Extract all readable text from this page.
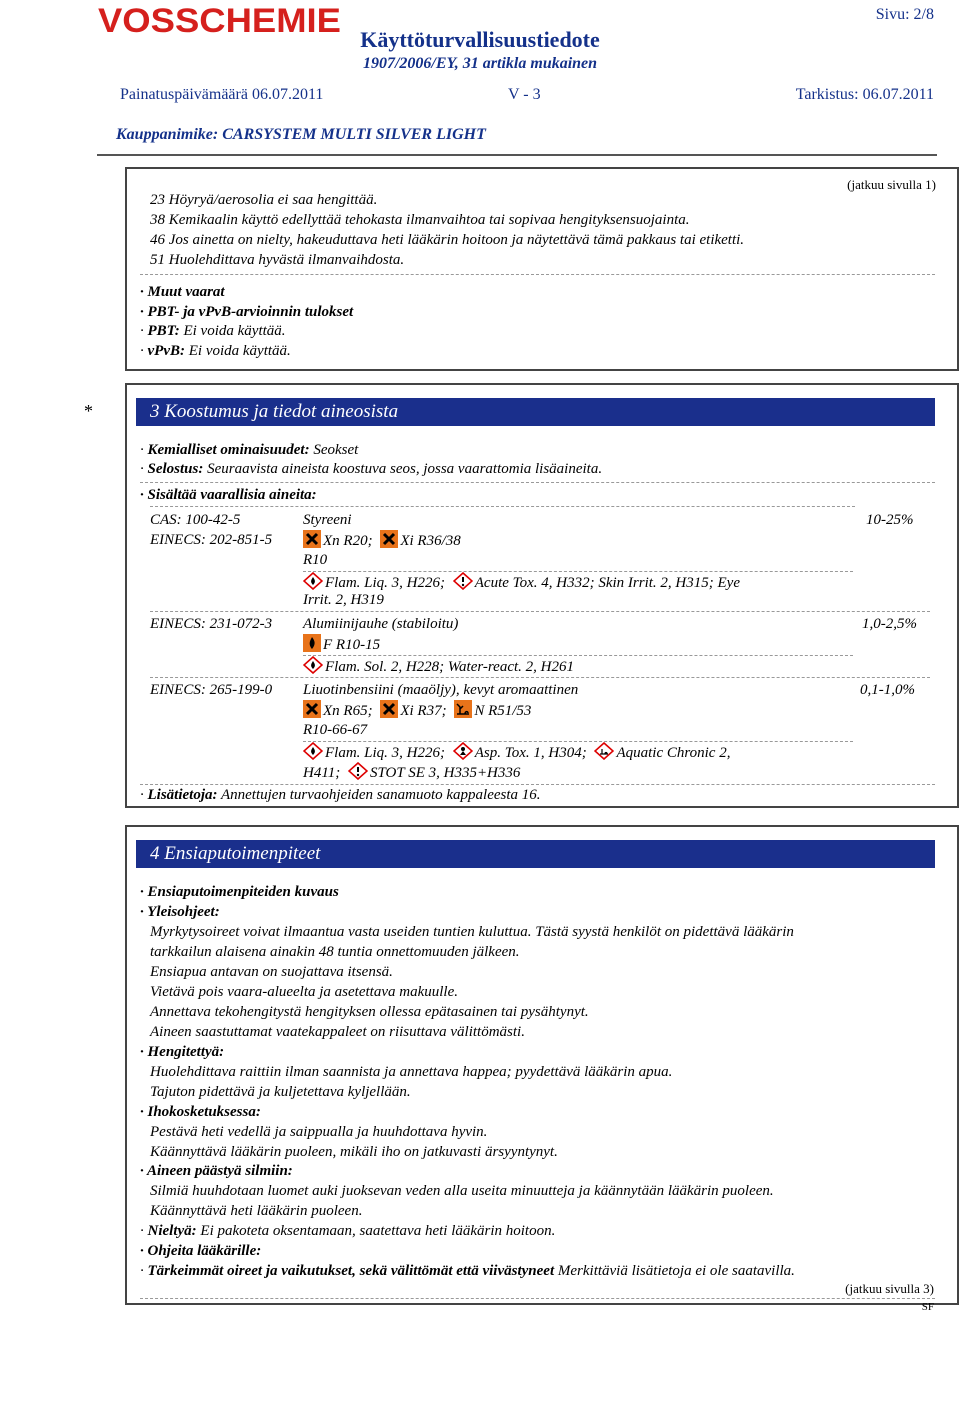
VOSSCHEMIE	Sivu: 2/8
Käyttöturvallisuustiedote
1907/2006/EY, 31 artikla mukainen
Painatuspäivämäärä 06.07.2011	V - 3	Tarkistus: 06.07.2011
Kauppanimike: CARSYSTEM MULTI SILVER LIGHT
(jatkuu sivulla 1)
23 Höyryä/aerosolia ei saa hengittää.
38 Kemikaalin käyttö edellyttää tehokasta ilmanvaihtoa tai sopivaa hengityksensuojainta.
46 Jos ainetta on nielty, hakeuduttava heti lääkärin hoitoon ja näytettävä tämä pakkaus tai etiketti.
51 Huolehdittava hyvästä ilmanvaihdosta.
· Muut vaarat
· PBT- ja vPvB-arvioinnin tulokset
· PBT: Ei voida käyttää.
· vPvB: Ei voida käyttää.
*	3 Koostumus ja tiedot aineosista
· Kemialliset ominaisuudet: Seokset
· Selostus: Seuraavista aineista koostuva seos, jossa vaarattomia lisäaineita.
· Sisältää vaarallisia aineita:
CAS: 100-42-5
EINECS: 202-851-5
Styreeni	10-25%
Xn R20; Xi R36/38
R10
Flam. Liq. 3, H226; Acute Tox. 4, H332; Skin Irrit. 2, H315; Eye
Irrit. 2, H319
EINECS: 231-072-3 Alumiinijauhe (stabiloitu)	1,0-2,5%
F R10-15
Flam. Sol. 2, H228; Water-react. 2, H261
EINECS: 265-199-0 Liuotinbensiini (maaöljy), kevyt aromaattinen	0,1-1,0%
Xn R65; Xi R37; N R51/53
R10-66-67
Flam. Liq. 3, H226; Asp. Tox. 1, H304; Aquatic Chronic 2,
H411; STOT SE 3, H335+H336
· Lisätietoja: Annettujen turvaohjeiden sanamuoto kappaleesta 16.
4 Ensiaputoimenpiteet
· Ensiaputoimenpiteiden kuvaus
· Yleisohjeet:
Myrkytysoireet voivat ilmaantua vasta useiden tuntien kuluttua. Tästä syystä henkilöt on pidettävä lääkärin
tarkkailun alaisena ainakin 48 tuntia onnettomuuden jälkeen.
Ensiapua antavan on suojattava itsensä.
Vietävä pois vaara-alueelta ja asetettava makuulle.
Annettava tekohengitystä hengityksen ollessa epätasainen tai pysähtynyt.
Aineen saastuttamat vaatekappaleet on riisuttava välittömästi.
· Hengitettyä:
Huolehdittava raittiin ilman saannista ja annettava happea; pyydettävä lääkärin apua.
Tajuton pidettävä ja kuljetettava kyljellään.
· Ihokosketuksessa:
Pestävä heti vedellä ja saippualla ja huuhdottava hyvin.
Käännyttävä lääkärin puoleen, mikäli iho on jatkuvasti ärsyyntynyt.
· Aineen päästyä silmiin:
Silmiä huuhdotaan luomet auki juoksevan veden alla useita minuutteja ja käännytään lääkärin puoleen.
Käännyttävä heti lääkärin puoleen.
· Nieltyä: Ei pakoteta oksentamaan, saatettava heti lääkärin hoitoon.
· Ohjeita lääkärille:
· Tärkeimmät oireet ja vaikutukset, sekä välittömät että viivästyneet Merkittäviä lisätietoja ei ole saatavilla.
(jatkuu sivulla 3)
SF
